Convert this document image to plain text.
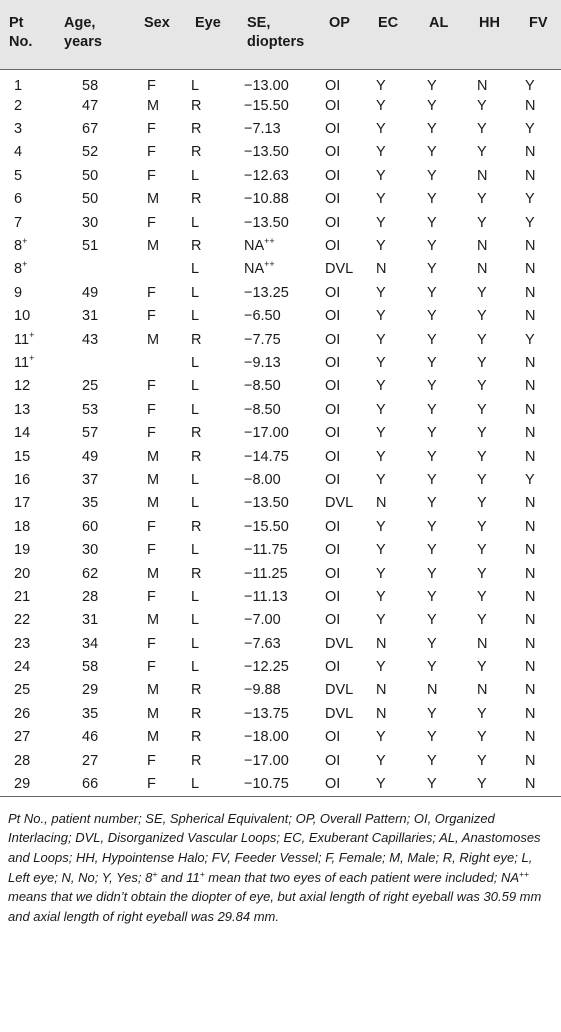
Pt
No.	Age,
years	Sex	Eye	SE,
diopters	OP	EC	AL	HH	FV

1	58	F	L	−13.00	OI	Y	Y	N	Y
2	47	M	R	−15.50	OI	Y	Y	Y	N
3	67	F	R	−7.13	OI	Y	Y	Y	Y
4	52	F	R	−13.50	OI	Y	Y	Y	N
5	50	F	L	−12.63	OI	Y	Y	N	N
6	50	M	R	−10.88	OI	Y	Y	Y	Y
7	30	F	L	−13.50	OI	Y	Y	Y	Y
8+	51	M	R	NA++	OI	Y	Y	N	N
8+			L	NA++	DVL	N	Y	N	N
9	49	F	L	−13.25	OI	Y	Y	Y	N
10	31	F	L	−6.50	OI	Y	Y	Y	N
11+	43	M	R	−7.75	OI	Y	Y	Y	Y
11+			L	−9.13	OI	Y	Y	Y	N
12	25	F	L	−8.50	OI	Y	Y	Y	N
13	53	F	L	−8.50	OI	Y	Y	Y	N
14	57	F	R	−17.00	OI	Y	Y	Y	N
15	49	M	R	−14.75	OI	Y	Y	Y	N
16	37	M	L	−8.00	OI	Y	Y	Y	Y
17	35	M	L	−13.50	DVL	N	Y	Y	N
18	60	F	R	−15.50	OI	Y	Y	Y	N
19	30	F	L	−11.75	OI	Y	Y	Y	N
20	62	M	R	−11.25	OI	Y	Y	Y	N
21	28	F	L	−11.13	OI	Y	Y	Y	N
22	31	M	L	−7.00	OI	Y	Y	Y	N
23	34	F	L	−7.63	DVL	N	Y	N	N
24	58	F	L	−12.25	OI	Y	Y	Y	N
25	29	M	R	−9.88	DVL	N	N	N	N
26	35	M	R	−13.75	DVL	N	Y	Y	N
27	46	M	R	−18.00	OI	Y	Y	Y	N
28	27	F	R	−17.00	OI	Y	Y	Y	N
29	66	F	L	−10.75	OI	Y	Y	Y	N

Pt No., patient number; SE, Spherical Equivalent; OP, Overall Pattern; OI, Organized Interlacing; DVL, Disorganized Vascular Loops; EC, Exuberant Capillaries; AL, Anastomoses and Loops; HH, Hypointense Halo; FV, Feeder Vessel; F, Female; M, Male; R, Right eye; L, Left eye; N, No; Y, Yes; 8+ and 11+ mean that two eyes of each patient were included; NA++ means that we didn’t obtain the diopter of eye, but axial length of right eyeball was 30.59 mm and axial length of right eyeball was 29.84 mm.
